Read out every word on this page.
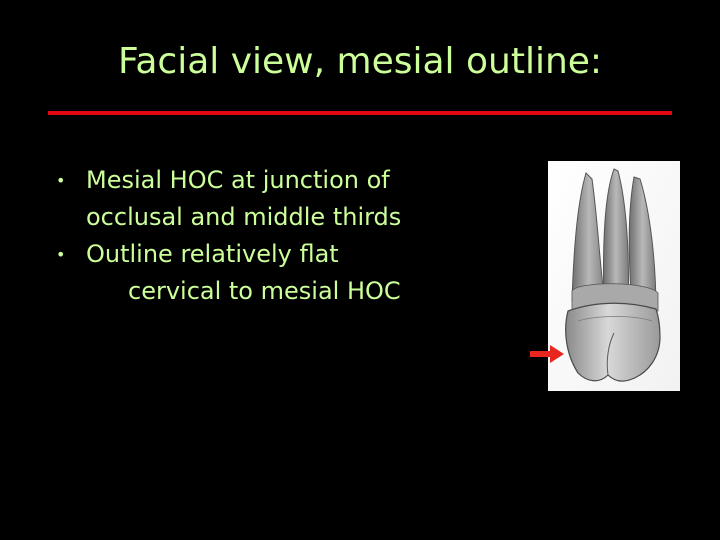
Facial view, mesial outline:
• Mesial HOC at junction of
occlusal and middle thirds
• Outline relatively flat
cervical to mesial HOC
